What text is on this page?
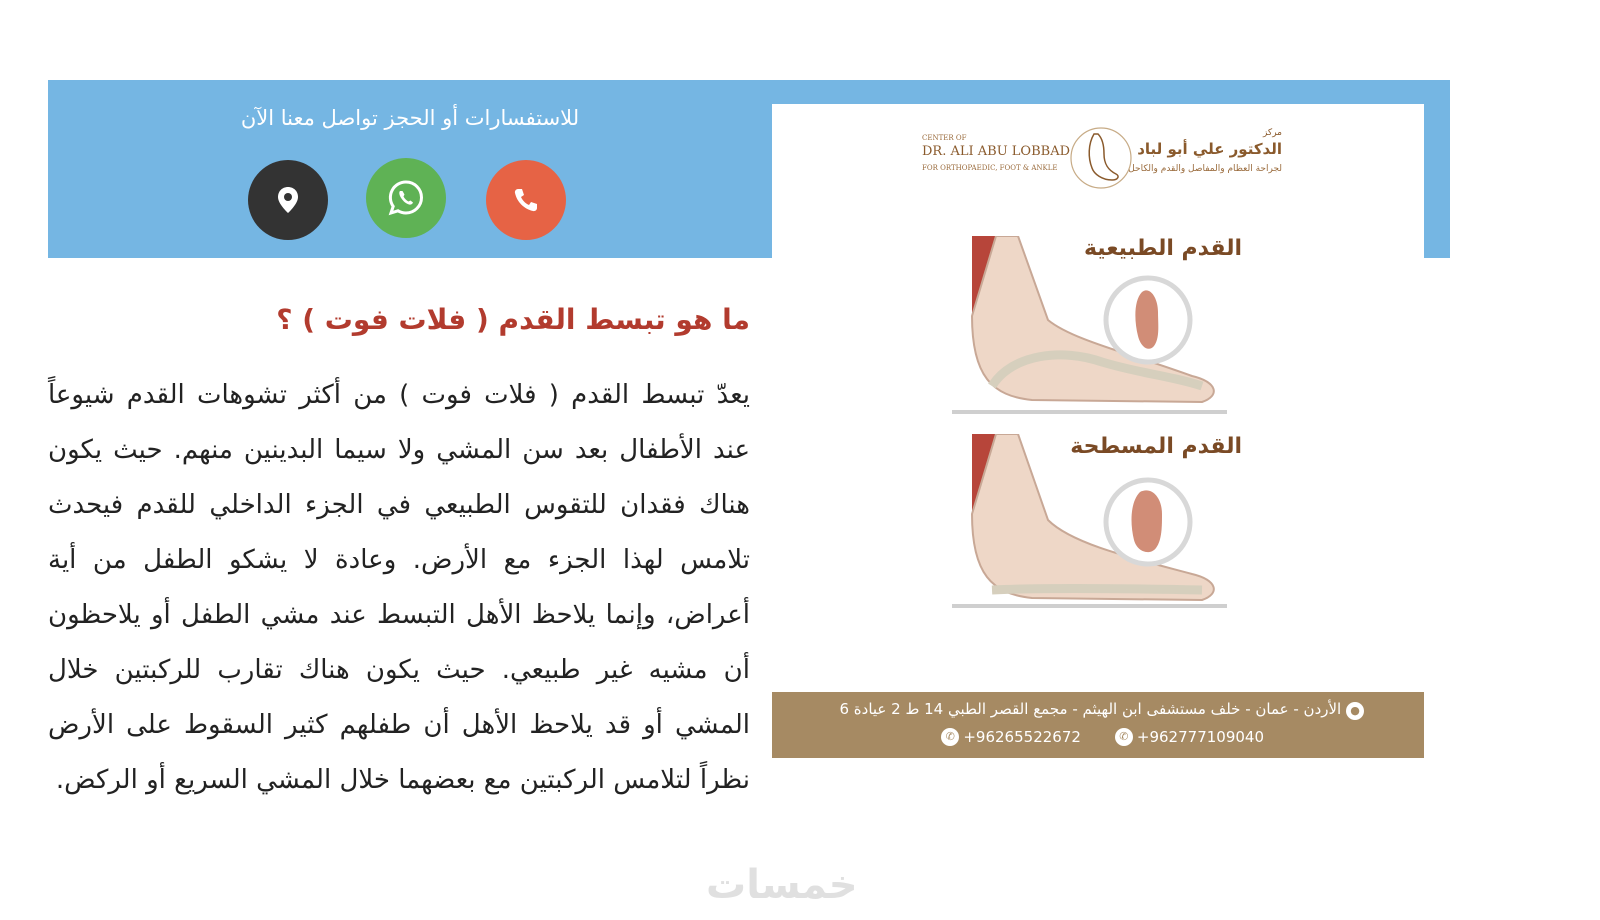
للاستفسارات أو الحجز تواصل معنا الآن
ما هو تبسط القدم ( فلات فوت ) ؟

يعدّ تبسط القدم ( فلات فوت ) من أكثر تشوهات القدم شيوعاً عند الأطفال بعد سن المشي ولا سيما البدينين منهم. حيث يكون هناك فقدان للتقوس الطبيعي في الجزء الداخلي للقدم فيحدث تلامس لهذا الجزء مع الأرض. وعادة لا يشكو الطفل من أية أعراض، وإنما يلاحظ الأهل التبسط عند مشي الطفل أو يلاحظون أن مشيه غير طبيعي. حيث يكون هناك تقارب للركبتين خلال المشي أو قد يلاحظ الأهل أن طفلهم كثير السقوط على الأرض نظراً لتلامس الركبتين مع بعضهما خلال المشي السريع أو الركض.

CENTER OF
DR. ALI ABU LOBBAD
FOR ORTHOPAEDIC, FOOT & ANKLE
مركز
الدكتور علي أبو لباد
لجراحة العظام والمفاصل والقدم والكاحل
القدم الطبيعية
القدم المسطحة
● الأردن - عمان - خلف مستشفى ابن الهيثم - مجمع القصر الطبي 14 ط 2 عيادة 6
✆ +96265522672	✆ +962777109040
خمسات
